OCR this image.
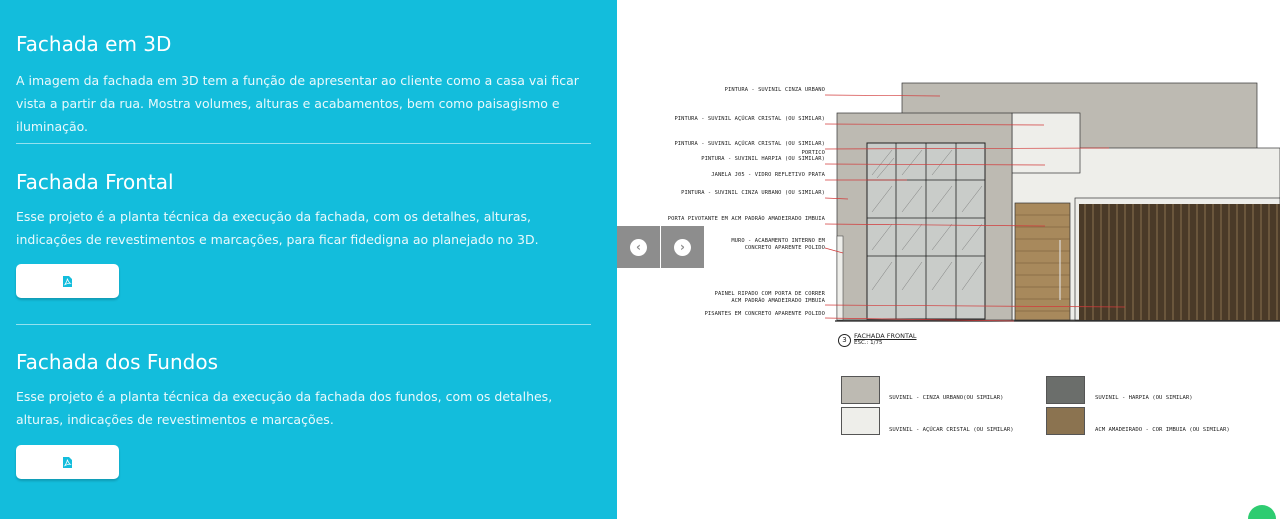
Fachada em 3D

A imagem da fachada em 3D tem a função de apresentar ao cliente como a casa vai ficar vista a partir da rua. Mostra volumes, alturas e acabamentos, bem como paisagismo e iluminação.

Fachada Frontal

Esse projeto é a planta técnica da execução da fachada, com os detalhes, alturas, indicações de revestimentos e marcações, para ficar fidedigna ao planejado no 3D.

Fachada dos Fundos

Esse projeto é a planta técnica da execução da fachada dos fundos, com os detalhes, alturas, indicações de revestimentos e marcações.

PINTURA - SUVINIL CINZA URBANO
PINTURA - SUVINIL AÇÚCAR CRISTAL (OU SIMILAR)
PINTURA - SUVINIL AÇÚCAR CRISTAL (OU SIMILAR)
PORTICO
PINTURA - SUVINIL HARPIA (OU SIMILAR)
JANELA J05 - VIDRO REFLETIVO PRATA
PINTURA - SUVINIL CINZA URBANO (OU SIMILAR)
PORTA PIVOTANTE EM ACM PADRÃO AMADEIRADO IMBUIA
MURO - ACABAMENTO INTERNO EM
CONCRETO APARENTE POLIDO
PAINEL RIPADO COM PORTA DE CORRER
ACM PADRÃO AMADEIRADO IMBUIA
PISANTES EM CONCRETO APARENTE POLIDO
3	FACHADA FRONTAL
ESC.: 1/75
SUVINIL - CINZA URBANO(OU SIMILAR)	SUVINIL - HARPIA (OU SIMILAR)
SUVINIL - AÇÚCAR CRISTAL (OU SIMILAR)	ACM AMADEIRADO - COR IMBUIA (OU SIMILAR)
‹	›
